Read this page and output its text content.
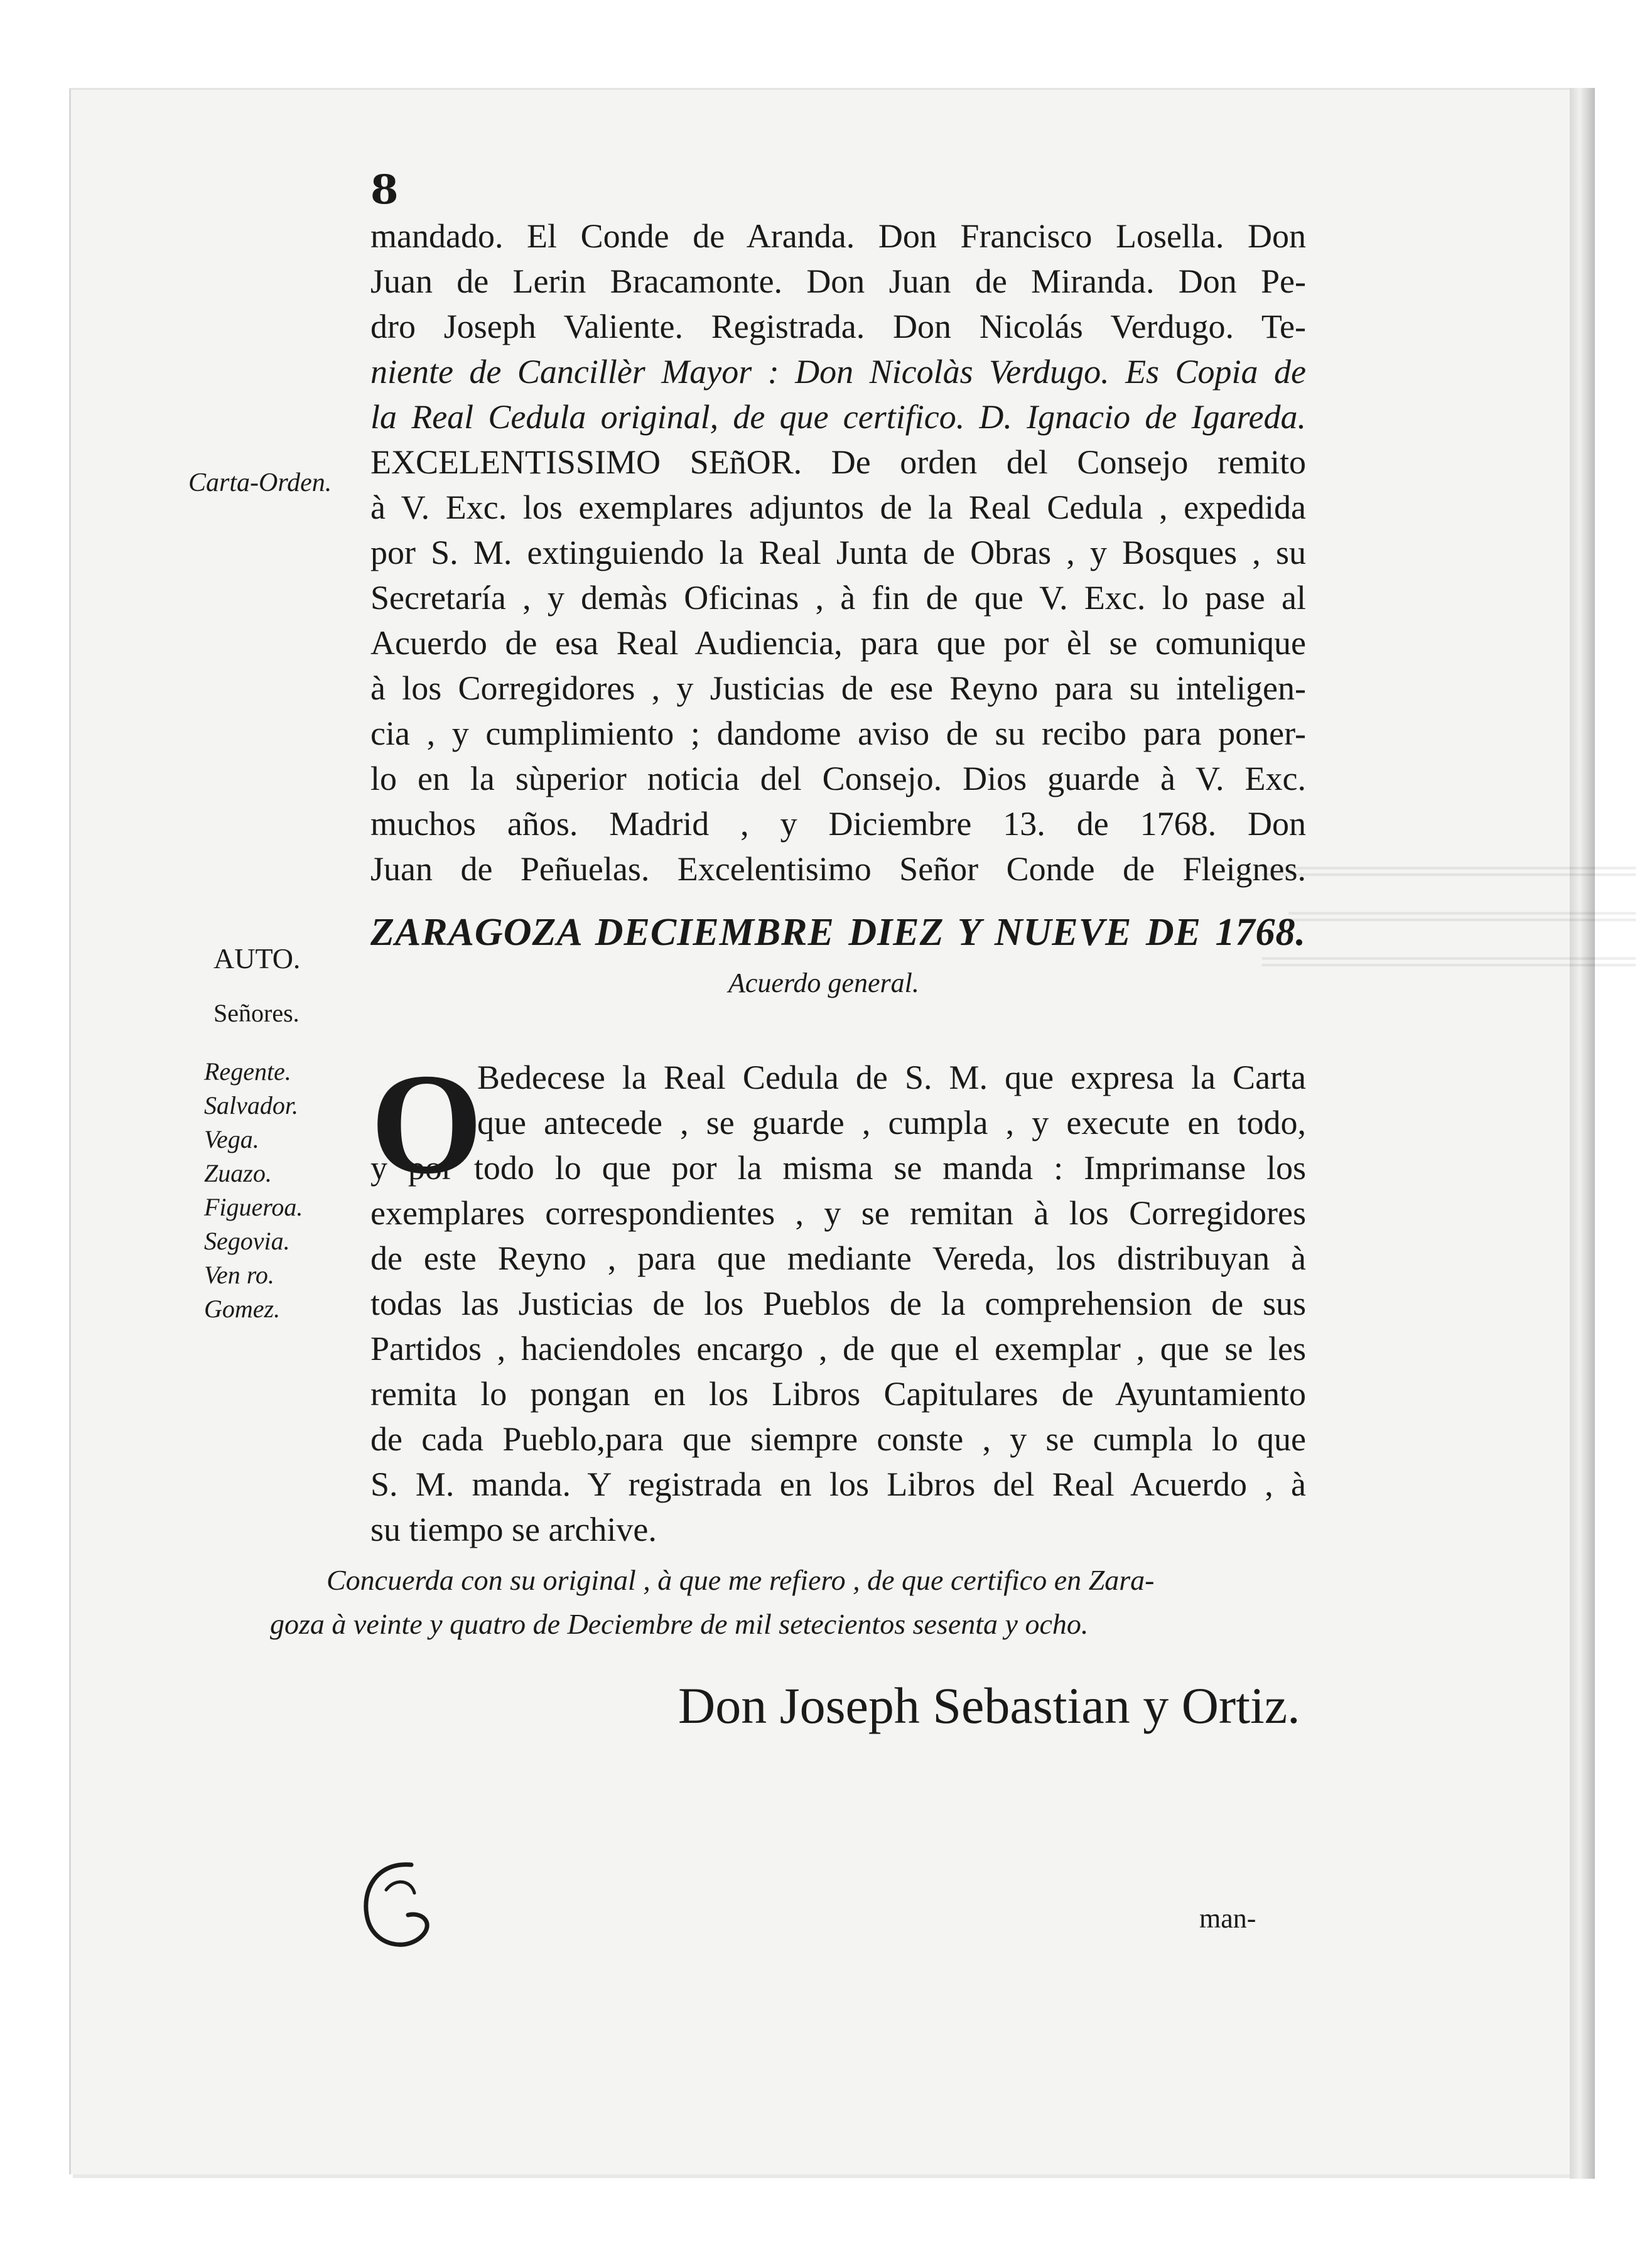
══════════════
═════════════
══════════════
8
mandado. El Conde de Aranda. Don Francisco Losella. Don
Juan de Lerin Bracamonte. Don Juan de Miranda. Don Pe-
dro Joseph Valiente. Registrada. Don Nicolás Verdugo. Te-
niente de Cancillèr Mayor : Don Nicolàs Verdugo. Es Copia de
la Real Cedula original, de que certifico. D. Ignacio de Igareda.
EXCELENTISSIMO SEñOR. De orden del Consejo remito
à V. Exc. los exemplares adjuntos de la Real Cedula , expedida
por S. M. extinguiendo la Real Junta de Obras , y Bosques , su
Secretaría , y demàs Oficinas , à fin de que V. Exc. lo pase al
Acuerdo de esa Real Audiencia, para que por èl se comunique
à los Corregidores , y Justicias de ese Reyno para su inteligen-
cia , y cumplimiento ; dandome aviso de su recibo para poner-
lo en la sùperior noticia del Consejo. Dios guarde à V. Exc.
muchos años. Madrid , y Diciembre 13. de 1768. Don
Juan de Peñuelas. Excelentisimo Señor Conde de Fleignes.
Carta-Orden.
AUTO.
Señores.
Regente.
Salvador.
Vega.
Zuazo.
Figueroa.
Segovia.
Ven ro.
Gomez.
ZARAGOZA DECIEMBRE DIEZ Y NUEVE DE 1768.
Acuerdo general.
O
Bedecese la Real Cedula de S. M. que expresa la Carta
que antecede , se guarde , cumpla , y execute en todo,
y por todo lo que por la misma se manda : Imprimanse los
exemplares correspondientes , y se remitan à los Corregidores
de este Reyno , para que mediante Vereda, los distribuyan à
todas las Justicias de los Pueblos de la comprehension de sus
Partidos , haciendoles encargo , de que el exemplar , que se les
remita lo pongan en los Libros Capitulares de Ayuntamiento
de cada Pueblo,para que siempre conste , y se cumpla lo que
S. M. manda. Y registrada en los Libros del Real Acuerdo , à
su tiempo se archive.
Concuerda con su original , à que me refiero , de que certifico en Zara-
goza à veinte y quatro de Deciembre de mil setecientos sesenta y ocho.
Don Joseph Sebastian y Ortiz.
man-
